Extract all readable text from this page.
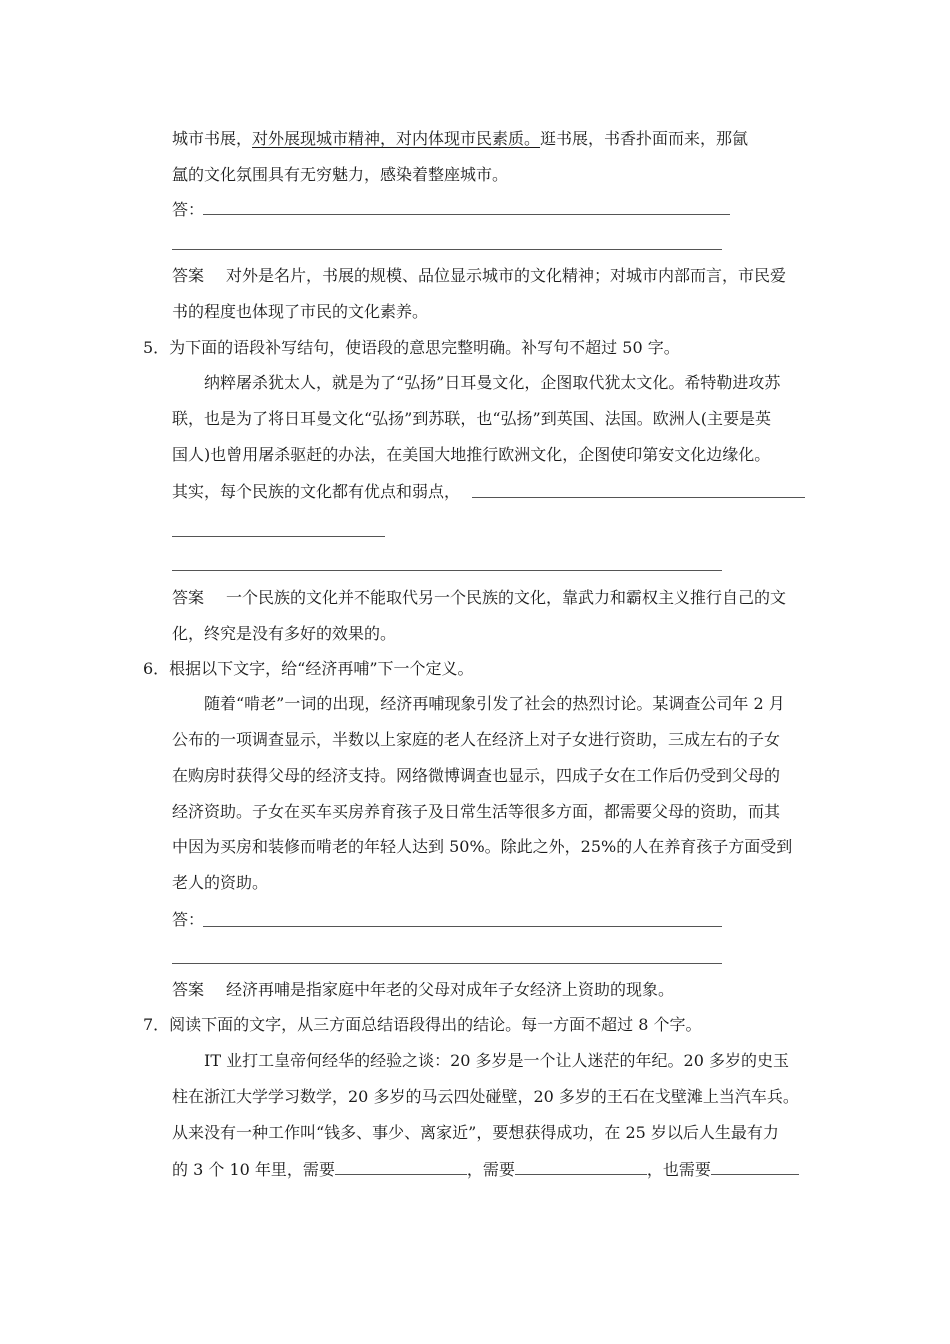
城市书展，对外展现城市精神，对内体现市民素质。逛书展，书香扑面而来，那氤
氲的文化氛围具有无穷魅力，感染着整座城市。
答：
答案 对外是名片，书展的规模、品位显示城市的文化精神；对城市内部而言，市民爱
书的程度也体现了市民的文化素养。
5．为下面的语段补写结句，使语段的意思完整明确。补写句不超过 50 字。
纳粹屠杀犹太人，就是为了“弘扬”日耳曼文化，企图取代犹太文化。希特勒进攻苏
联，也是为了将日耳曼文化“弘扬”到苏联，也“弘扬”到英国、法国。欧洲人(主要是英
国人)也曾用屠杀驱赶的办法，在美国大地推行欧洲文化，企图使印第安文化边缘化。
其实，每个民族的文化都有优点和弱点，
答案 一个民族的文化并不能取代另一个民族的文化，靠武力和霸权主义推行自己的文
化，终究是没有多好的效果的。
6．根据以下文字，给“经济再哺”下一个定义。
随着“啃老”一词的出现，经济再哺现象引发了社会的热烈讨论。某调查公司年 2 月
公布的一项调查显示，半数以上家庭的老人在经济上对子女进行资助，三成左右的子女
在购房时获得父母的经济支持。网络微博调查也显示，四成子女在工作后仍受到父母的
经济资助。子女在买车买房养育孩子及日常生活等很多方面，都需要父母的资助，而其
中因为买房和装修而啃老的年轻人达到 50%。除此之外，25%的人在养育孩子方面受到
老人的资助。
答：
答案 经济再哺是指家庭中年老的父母对成年子女经济上资助的现象。
7．阅读下面的文字，从三方面总结语段得出的结论。每一方面不超过 8 个字。
IT 业打工皇帝何经华的经验之谈：20 多岁是一个让人迷茫的年纪。20 多岁的史玉
柱在浙江大学学习数学，20 多岁的马云四处碰壁，20 多岁的王石在戈壁滩上当汽车兵。
从来没有一种工作叫“钱多、事少、离家近”，要想获得成功，在 25 岁以后人生最有力
的 3 个 10 年里，需要	，需要	，也需要
